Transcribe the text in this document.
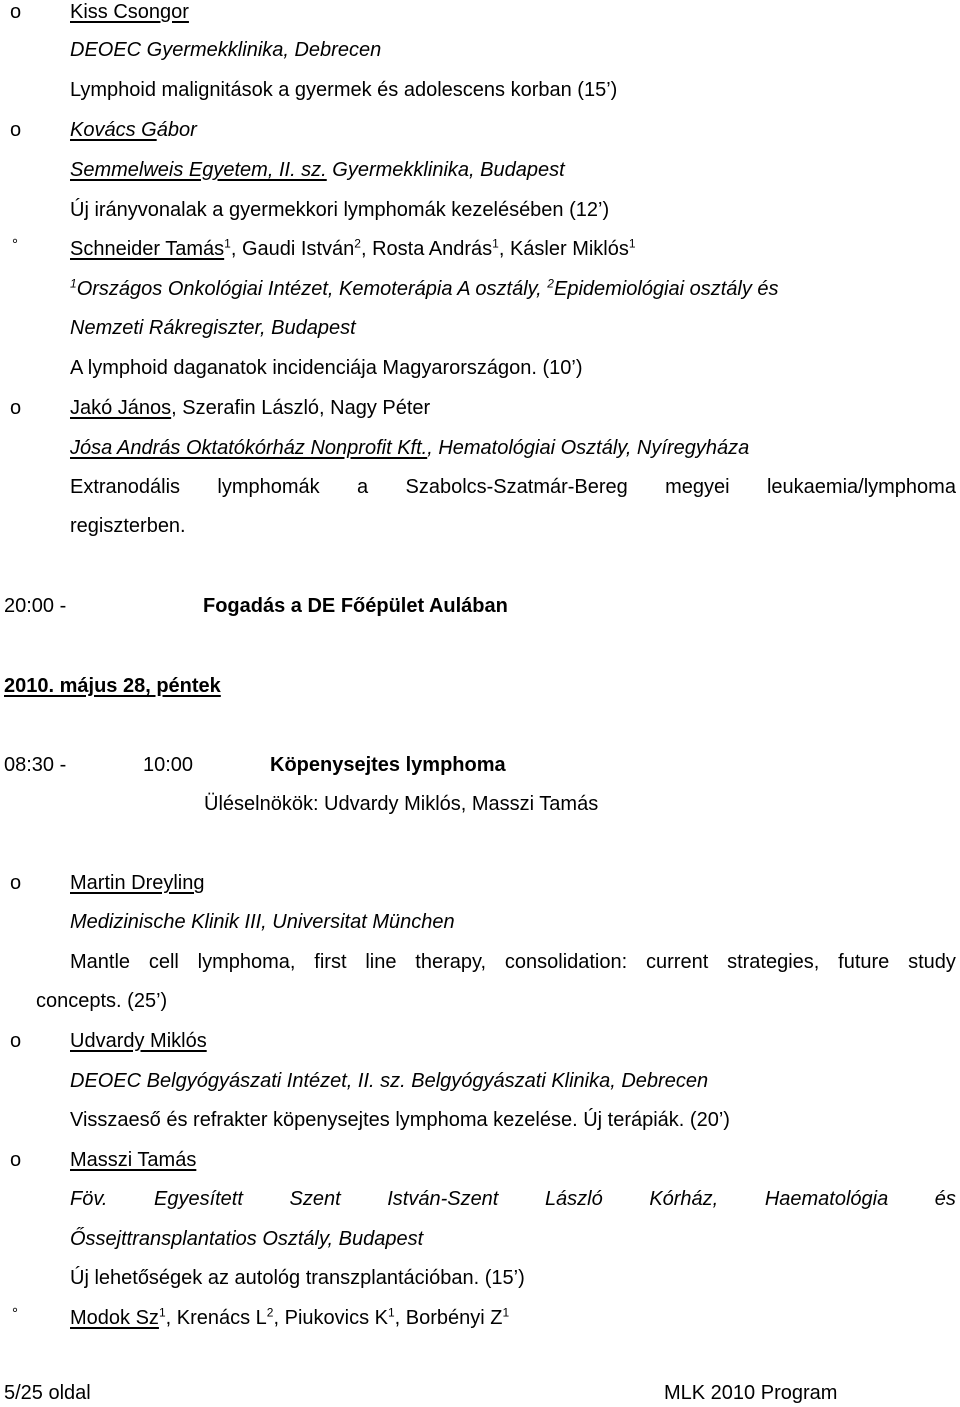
o Kiss Csongor
DEOEC Gyermekklinika, Debrecen
Lymphoid malignitások a gyermek és adolescens korban (15’)
o Kovács Gábor
Semmelweis Egyetem, II. sz. Gyermekklinika, Budapest
Új irányvonalak a gyermekkori lymphomák kezelésében (12’)
°	Schneider Tamás$^1$, Gaudi István$^2$, Rosta András$^1$, Kásler Miklós$^1$
$^1$Országos Onkológiai Intézet, Kemoterápia A osztály, $^2$Epidemiológiai osztály és
Nemzeti Rákregiszter, Budapest
A lymphoid daganatok incidenciája Magyarországon. (10’)
o Jakó János, Szerafin László, Nagy Péter
Jósa András Oktatókórház Nonprofit Kft., Hematológiai Osztály, Nyíregyháza
Extranodális lymphomák a Szabolcs-Szatmár-Bereg megyei leukaemia/lymphoma
regiszterben.
20:00 -	Fogadás a DE Főépület Aulában
2010. május 28, péntek
08:30 -	10:00	Köpenysejtes lymphoma
Üléselnökök: Udvardy Miklós, Masszi Tamás
o Martin Dreyling
Medizinische Klinik III, Universitat München
Mantle cell lymphoma, first line therapy, consolidation: current strategies, future study
concepts. (25’)
o Udvardy Miklós
DEOEC Belgyógyászati Intézet, II. sz. Belgyógyászati Klinika, Debrecen
Visszaeső és refrakter köpenysejtes lymphoma kezelése. Új terápiák. (20’)
o Masszi Tamás
Föv. Egyesített Szent István-Szent László Kórház, Haematológia és
Őssejttransplantatios Osztály, Budapest
Új lehetőségek az autológ transzplantációban. (15’)
°	Modok Sz$^1$, Krenács $L^2$, Piukovics $K^1$, Borbényi $Z^1$
5/25 oldal	MLK 2010 Program
